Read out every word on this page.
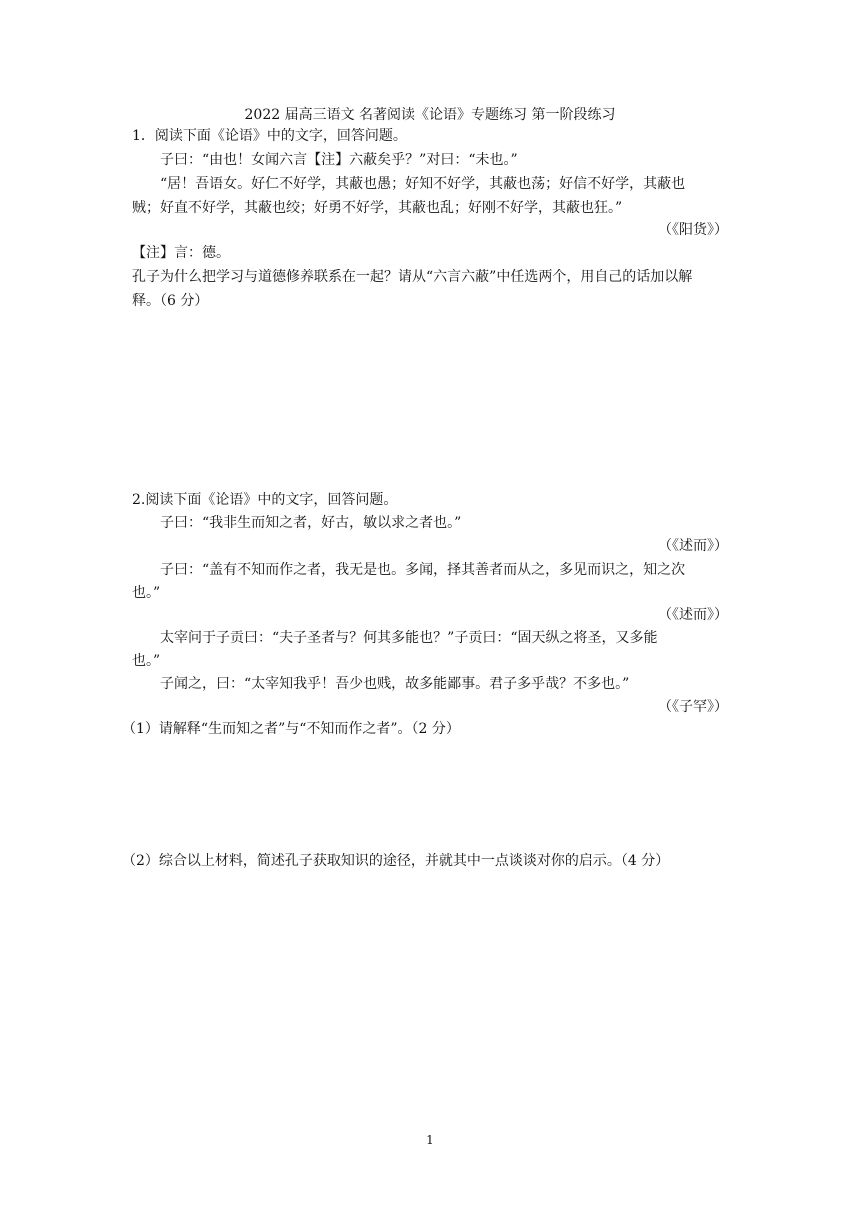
2022 届高三语文 名著阅读《论语》专题练习 第一阶段练习
1．阅读下面《论语》中的文字，回答问题。
子曰：“由也！女闻六言【注】六蔽矣乎？”对曰：“未也。”
“居！吾语女。好仁不好学，其蔽也愚；好知不好学，其蔽也荡；好信不好学，其蔽也
贼；好直不好学，其蔽也绞；好勇不好学，其蔽也乱；好刚不好学，其蔽也狂。”
（《阳货》）
【注】言：德。
孔子为什么把学习与道德修养联系在一起？请从“六言六蔽”中任选两个，用自己的话加以解
释。（6 分）
2.阅读下面《论语》中的文字，回答问题。
子曰：“我非生而知之者，好古，敏以求之者也。”
（《述而》）
子曰：“盖有不知而作之者，我无是也。多闻，择其善者而从之，多见而识之，知之次
也。”
（《述而》）
太宰问于子贡曰：“夫子圣者与？何其多能也？”子贡曰：“固天纵之将圣，又多能
也。”
子闻之，曰：“太宰知我乎！吾少也贱，故多能鄙事。君子多乎哉？不多也。”
（《子罕》）
（1）请解释“生而知之者”与“不知而作之者”。（2 分）
（2）综合以上材料，简述孔子获取知识的途径，并就其中一点谈谈对你的启示。（4 分）
1
